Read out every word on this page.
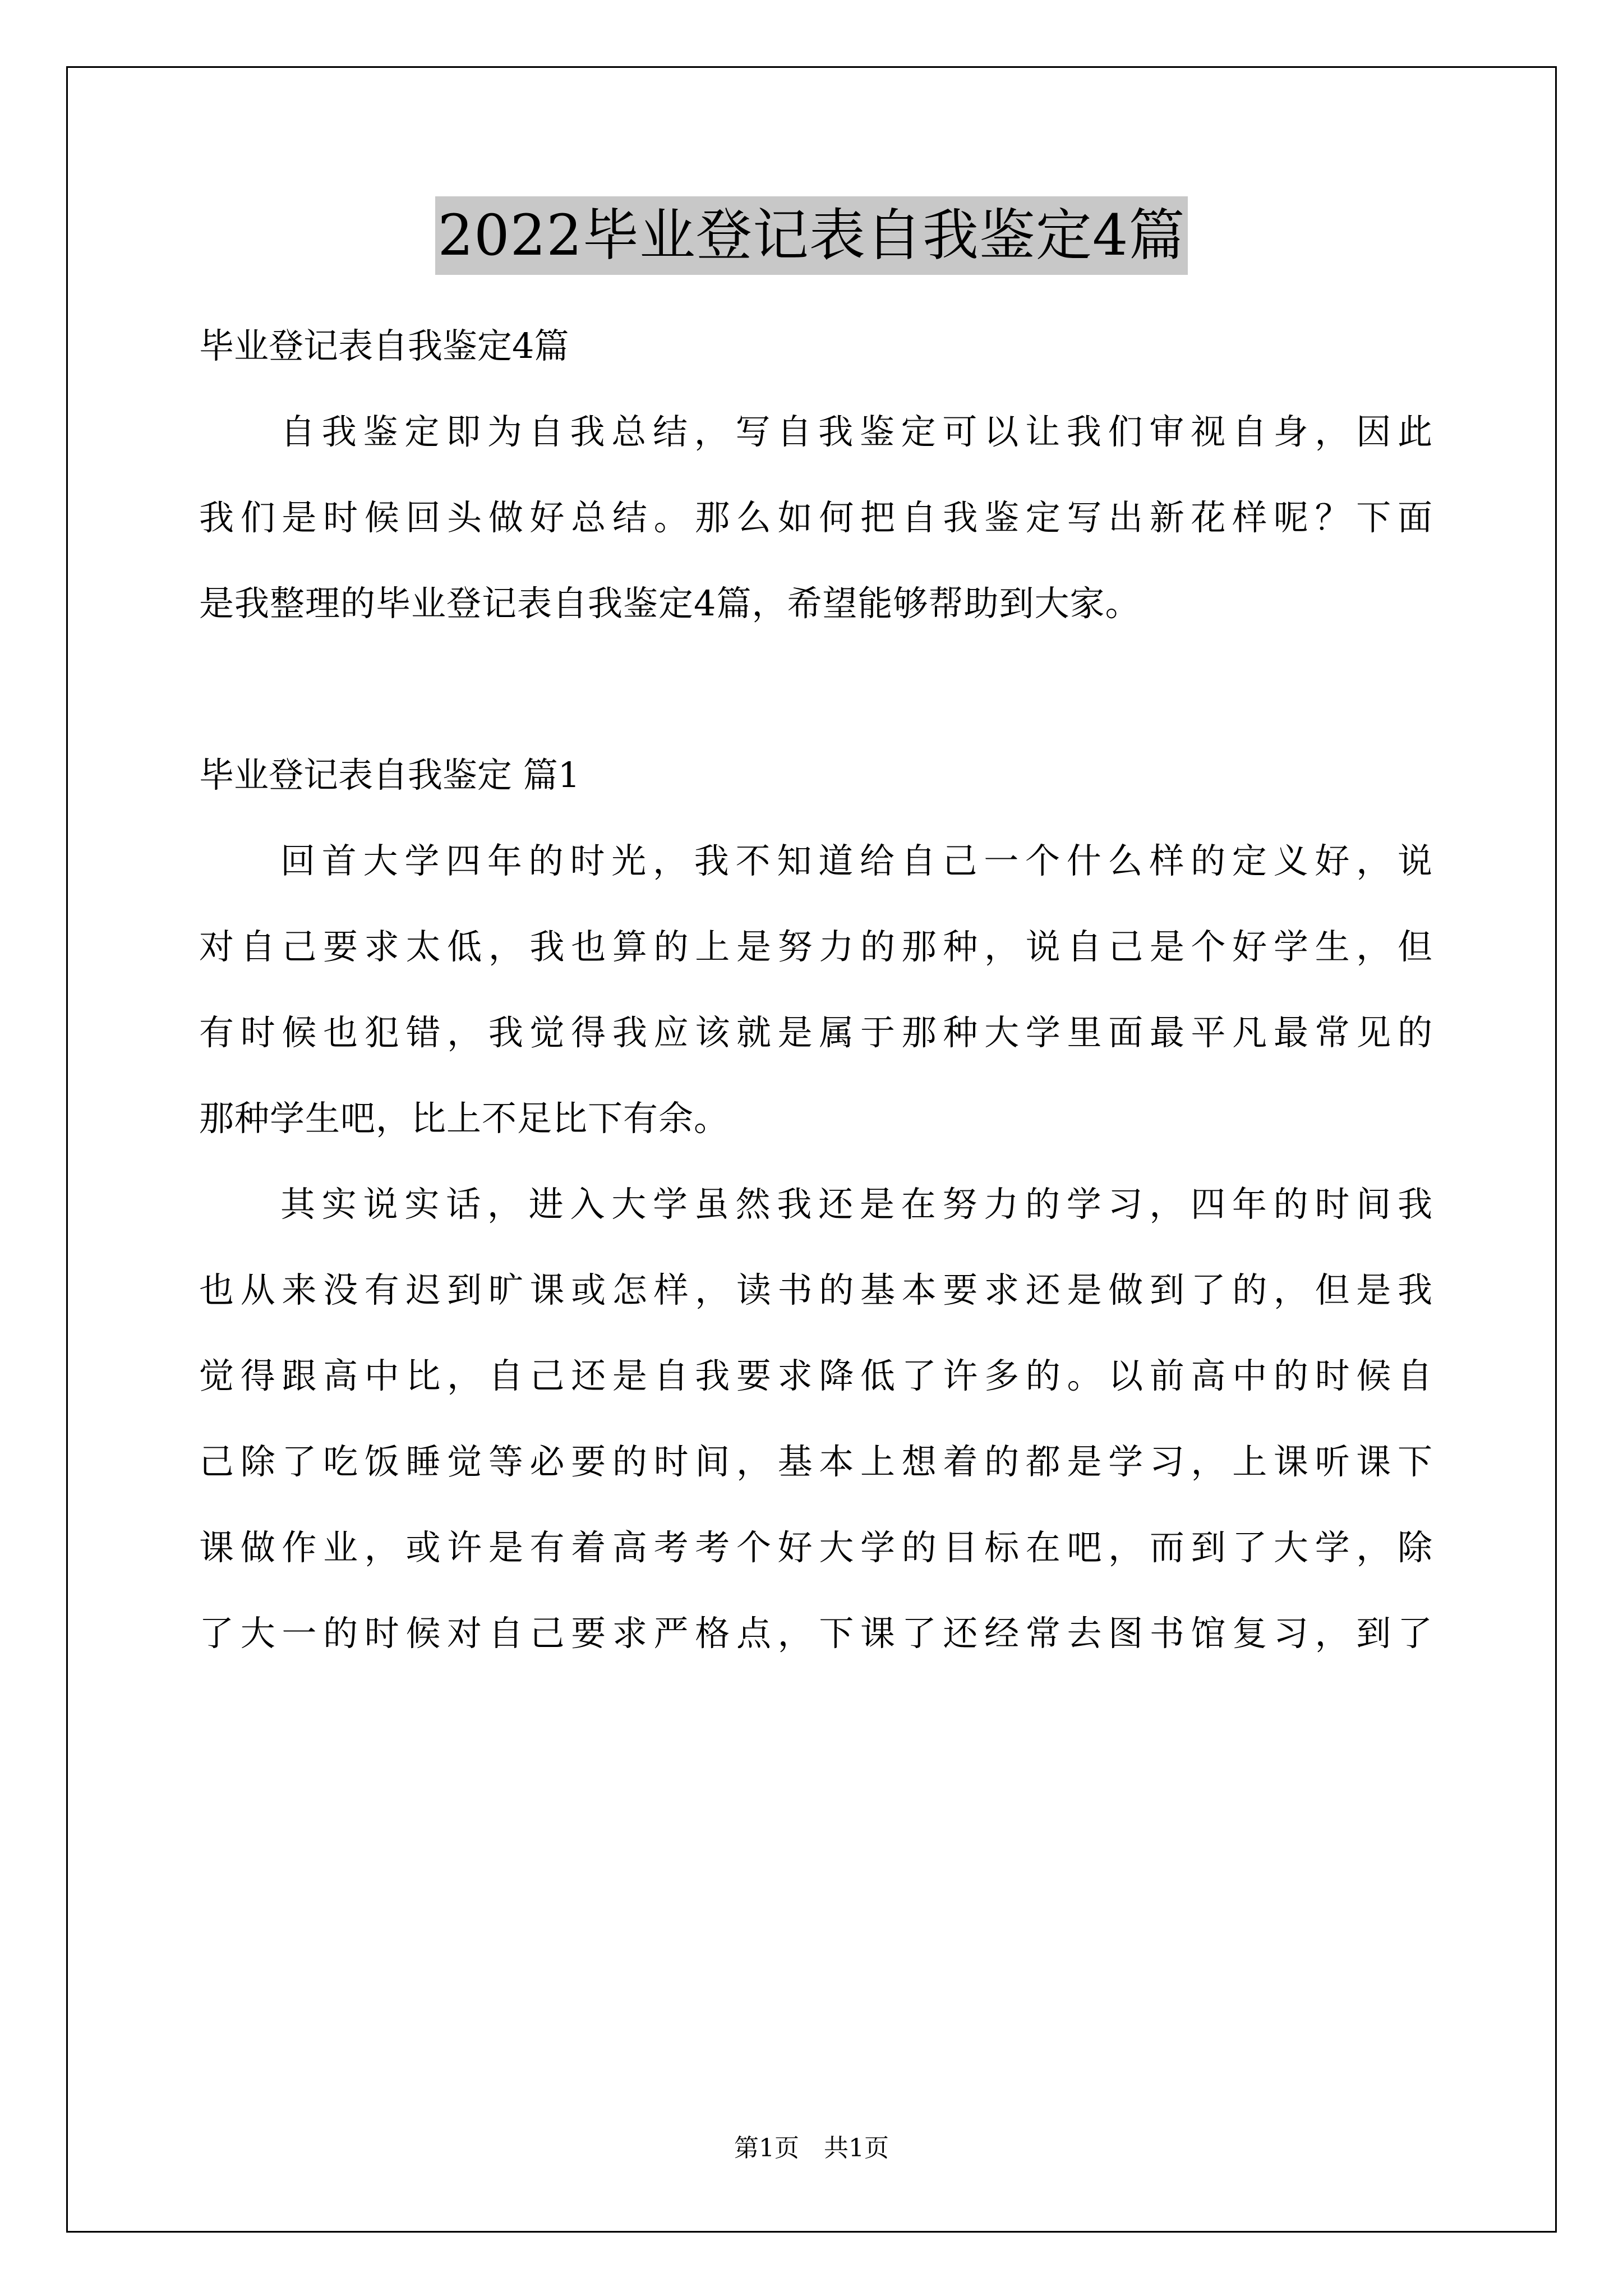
2022毕业登记表自我鉴定4篇

毕业登记表自我鉴定4篇

自我鉴定即为自我总结，写自我鉴定可以让我们审视自身，因此

我们是时候回头做好总结。那么如何把自我鉴定写出新花样呢？下面

是我整理的毕业登记表自我鉴定4篇，希望能够帮助到大家。

毕业登记表自我鉴定 篇1

回首大学四年的时光，我不知道给自己一个什么样的定义好，说

对自己要求太低，我也算的上是努力的那种，说自己是个好学生，但

有时候也犯错，我觉得我应该就是属于那种大学里面最平凡最常见的

那种学生吧，比上不足比下有余。

其实说实话，进入大学虽然我还是在努力的学习，四年的时间我

也从来没有迟到旷课或怎样，读书的基本要求还是做到了的，但是我

觉得跟高中比，自己还是自我要求降低了许多的。以前高中的时候自

己除了吃饭睡觉等必要的时间，基本上想着的都是学习，上课听课下

课做作业，或许是有着高考考个好大学的目标在吧，而到了大学，除

了大一的时候对自己要求严格点，下课了还经常去图书馆复习，到了

第1页　共1页
